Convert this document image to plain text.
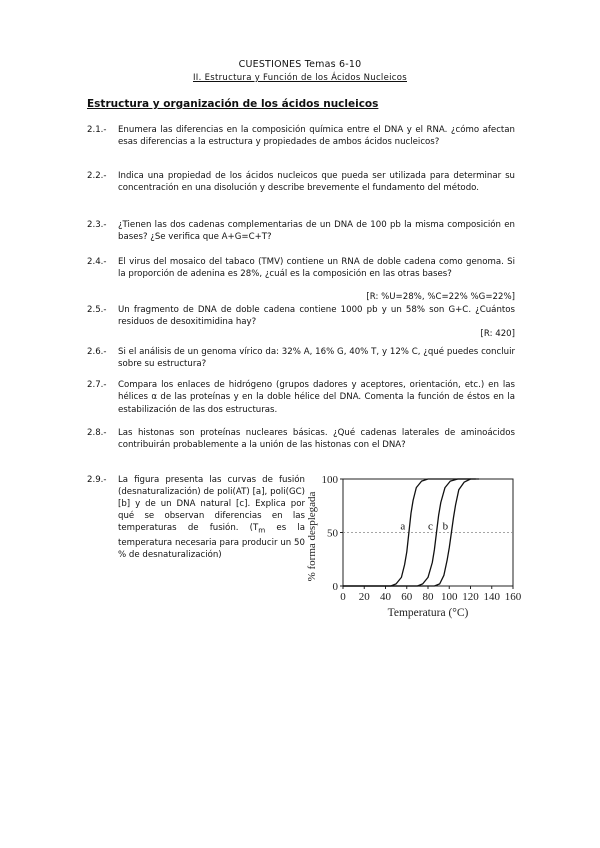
CUESTIONES Temas 6-10
II. Estructura y Función de los Ácidos Nucleicos
Estructura y organización de los ácidos nucleicos
2.1.-	Enumera las diferencias en la composición química entre el DNA y el RNA. ¿cómo afectan esas diferencias a la estructura y propiedades de ambos ácidos nucleicos?
2.2.-	Indica una propiedad de los ácidos nucleicos que pueda ser utilizada para determinar su concentración en una disolución y describe brevemente el fundamento del método.
2.3.-	¿Tienen las dos cadenas complementarias de un DNA de 100 pb la misma composición en bases? ¿Se verifica que A+G=C+T?
2.4.-	El virus del mosaico del tabaco (TMV) contiene un RNA de doble cadena como genoma. Si la proporción de adenina es 28%, ¿cuál es la composición en las otras bases?
[R: %U=28%, %C=22% %G=22%]
2.5.-	Un fragmento de DNA de doble cadena contiene 1000 pb y un 58% son G+C. ¿Cuántos residuos de desoxitimidina hay?
[R: 420]
2.6.-	Si el análisis de un genoma vírico da: 32% A, 16% G, 40% T, y 12% C, ¿qué puedes concluir sobre su estructura?
2.7.-	Compara los enlaces de hidrógeno (grupos dadores y aceptores, orientación, etc.) en las hélices α de las proteínas y en la doble hélice del DNA. Comenta la función de éstos en la estabilización de las dos estructuras.
2.8.-	Las histonas son proteínas nucleares básicas. ¿Qué cadenas laterales de aminoácidos contribuirán probablemente a la unión de las histonas con el DNA?
2.9.- La figura presenta las curvas de fusión (desnaturalización) de poli(AT) [a], poli(GC) [b] y de un DNA natural [c]. Explica por qué se observan diferencias en las temperaturas de fusión. ($T_m$ es la temperatura necesaria para producir un 50 % de desnaturalización)
0 20 40 60 80 100 120 140 160
0
50
100
Temperatura (°C)
% forma desplegada	a c b
